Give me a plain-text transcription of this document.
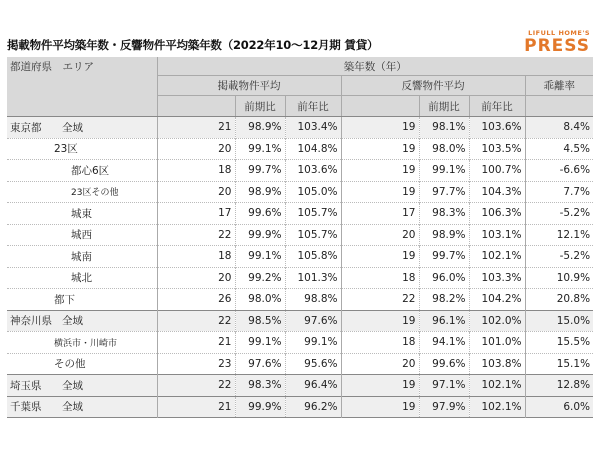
掲載物件平均築年数・反響物件平均築年数（2022年10〜12月期 賃貸）
LIFULL HOME'S
PRESS
都道府県　エリア	築年数（年）						
	掲載物件平均			反響物件平均			乖離率
		前期比	前年比		前期比	前年比	
東京都 全域	21	98.9%	103.4%	19	98.1%	103.6%	8.4%
23区	20	99.1%	104.8%	19	98.0%	103.5%	4.5%
都心6区	18	99.7%	103.6%	19	99.1%	100.7%	-6.6%
23区その他	20	98.9%	105.0%	19	97.7%	104.3%	7.7%
城東	17	99.6%	105.7%	17	98.3%	106.3%	-5.2%
城西	22	99.9%	105.7%	20	98.9%	103.1%	12.1%
城南	18	99.1%	105.8%	19	99.7%	102.1%	-5.2%
城北	20	99.2%	101.3%	18	96.0%	103.3%	10.9%
都下	26	98.0%	98.8%	22	98.2%	104.2%	20.8%
神奈川県 全域	22	98.5%	97.6%	19	96.1%	102.0%	15.0%
横浜市・川崎市	21	99.1%	99.1%	18	94.1%	101.0%	15.5%
その他	23	97.6%	95.6%	20	99.6%	103.8%	15.1%
埼玉県 全域	22	98.3%	96.4%	19	97.1%	102.1%	12.8%
千葉県 全域	21	99.9%	96.2%	19	97.9%	102.1%	6.0%
